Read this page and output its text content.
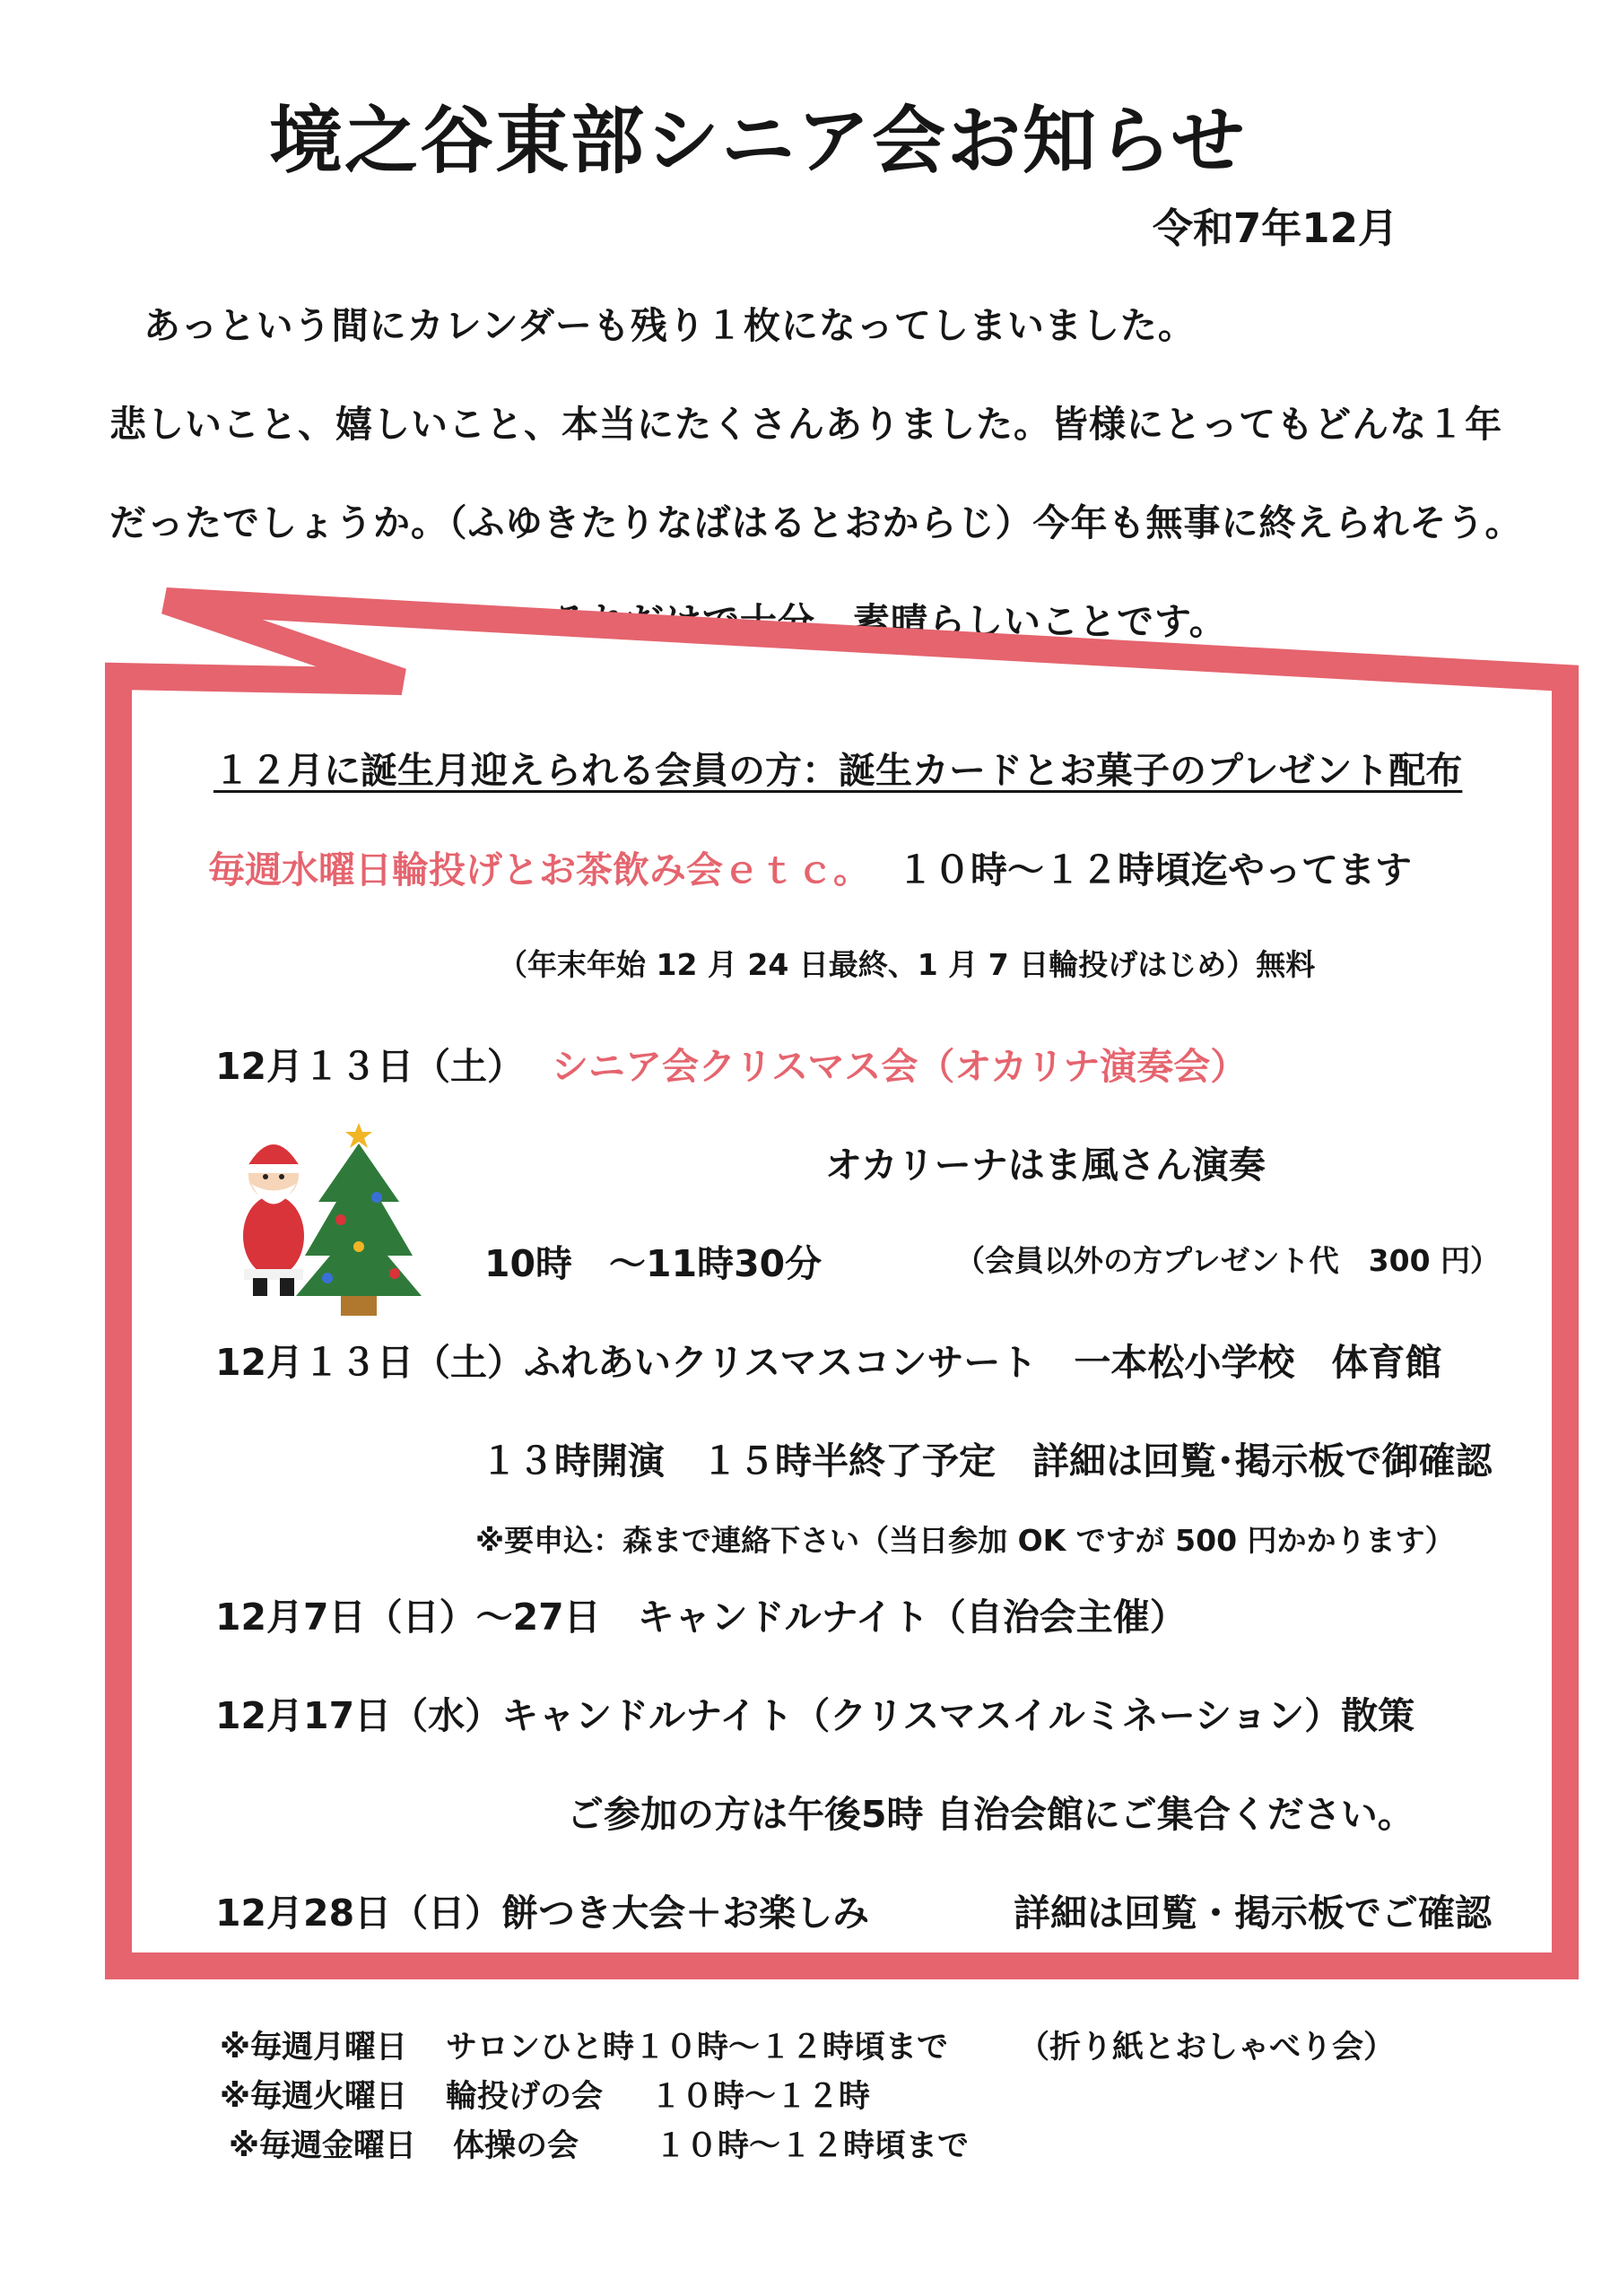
境之谷東部シニア会お知らせ
令和7年12月
あっという間にカレンダーも残り１枚になってしまいました。
悲しいこと、嬉しいこと、本当にたくさんありました。皆様にとってもどんな１年
だったでしょうか。（ふゆきたりなばはるとおからじ）今年も無事に終えられそう。
それだけで十分、素晴らしいことです。
１２月に誕生月迎えられる会員の方：誕生カードとお菓子のプレゼント配布
毎週水曜日輪投げとお茶飲み会ｅｔｃ。 １０時～１２時頃迄やってます
（年末年始 12 月 24 日最終、1 月 7 日輪投げはじめ）無料
12月１３日（土） シニア会クリスマス会（オカリナ演奏会）
オカリーナはま風さん演奏
10時　～11時30分	（会員以外の方プレゼント代　300 円）
12月１３日（土）ふれあいクリスマスコンサート　一本松小学校　体育館
１３時開演　１５時半終了予定　詳細は回覧･掲示板で御確認
※要申込：森まで連絡下さい（当日参加 OK ですが 500 円かかります）
12月7日（日）～27日　キャンドルナイト（自治会主催）
12月17日（水）キャンドルナイト（クリスマスイルミネーション）散策
ご参加の方は午後5時 自治会館にご集合ください。
12月28日（日）餅つき大会＋お楽しみ	詳細は回覧・掲示板でご確認
※毎週月曜日 サロンひと時１０時～１２時頃まで （折り紙とおしゃべり会）
※毎週火曜日 輪投げの会 １０時～１２時
※毎週金曜日 体操の会 １０時～１２時頃まで
